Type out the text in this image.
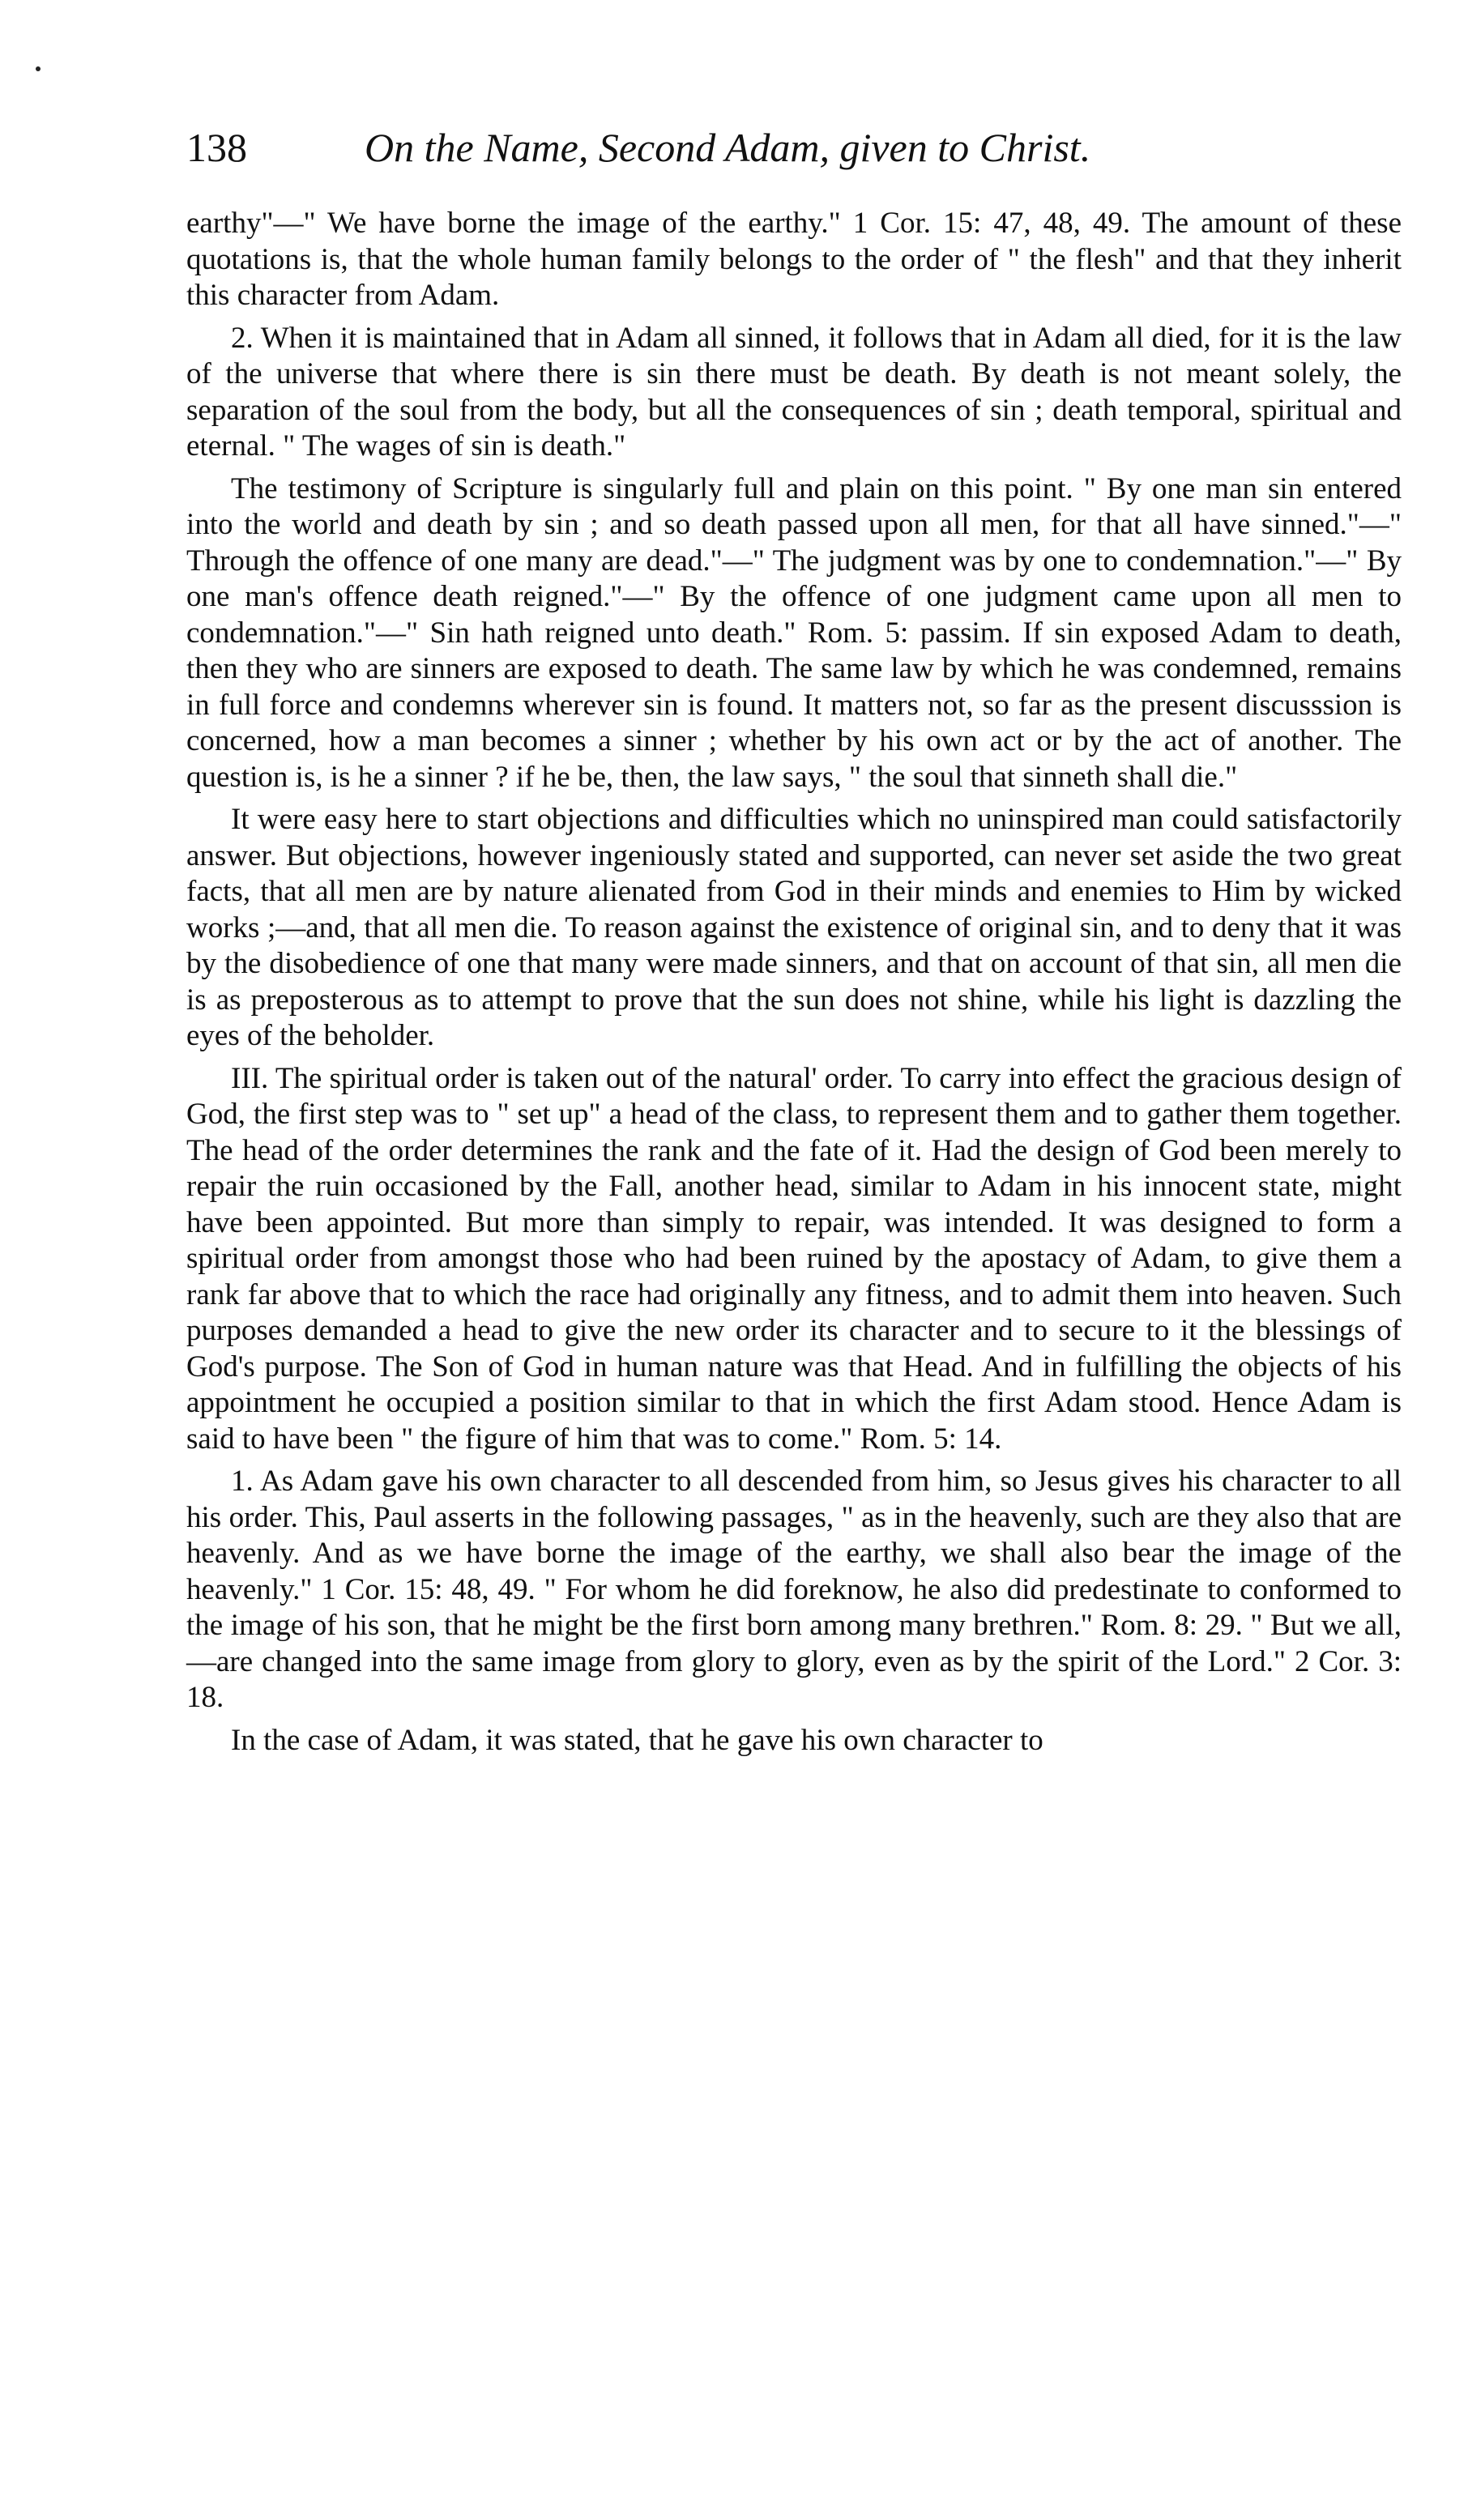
138	On the Name, Second Adam, given to Christ.

earthy"—" We have borne the image of the earthy." 1 Cor. 15: 47, 48, 49. The amount of these quotations is, that the whole human family belongs to the order of " the flesh" and that they inherit this character from Adam.

2. When it is maintained that in Adam all sinned, it follows that in Adam all died, for it is the law of the universe that where there is sin there must be death. By death is not meant solely, the separation of the soul from the body, but all the consequences of sin ; death temporal, spiritual and eternal. " The wages of sin is death."

The testimony of Scripture is singularly full and plain on this point. " By one man sin entered into the world and death by sin ; and so death passed upon all men, for that all have sinned."—" Through the offence of one many are dead."—" The judgment was by one to condemnation."—" By one man's offence death reigned."—" By the offence of one judgment came upon all men to condemnation."—" Sin hath reigned unto death." Rom. 5: passim. If sin exposed Adam to death, then they who are sinners are exposed to death. The same law by which he was condemned, remains in full force and condemns wherever sin is found. It matters not, so far as the present discusssion is concerned, how a man becomes a sinner ; whether by his own act or by the act of another. The question is, is he a sinner ? if he be, then, the law says, " the soul that sinneth shall die."

It were easy here to start objections and difficulties which no uninspired man could satisfactorily answer. But objections, however ingeniously stated and supported, can never set aside the two great facts, that all men are by nature alienated from God in their minds and enemies to Him by wicked works ;—and, that all men die. To reason against the existence of original sin, and to deny that it was by the disobedience of one that many were made sinners, and that on account of that sin, all men die is as preposterous as to attempt to prove that the sun does not shine, while his light is dazzling the eyes of the beholder.

III. The spiritual order is taken out of the natural' order. To carry into effect the gracious design of God, the first step was to " set up" a head of the class, to represent them and to gather them together. The head of the order determines the rank and the fate of it. Had the design of God been merely to repair the ruin occasioned by the Fall, another head, similar to Adam in his innocent state, might have been appointed. But more than simply to repair, was intended. It was designed to form a spiritual order from amongst those who had been ruined by the apostacy of Adam, to give them a rank far above that to which the race had originally any fitness, and to admit them into heaven. Such purposes demanded a head to give the new order its character and to secure to it the blessings of God's purpose. The Son of God in human nature was that Head. And in fulfilling the objects of his appointment he occupied a position similar to that in which the first Adam stood. Hence Adam is said to have been " the figure of him that was to come." Rom. 5: 14.

1. As Adam gave his own character to all descended from him, so Jesus gives his character to all his order. This, Paul asserts in the following passages, " as in the heavenly, such are they also that are heavenly. And as we have borne the image of the earthy, we shall also bear the image of the heavenly." 1 Cor. 15: 48, 49. " For whom he did foreknow, he also did predestinate to conformed to the image of his son, that he might be the first born among many brethren." Rom. 8: 29. " But we all,—are changed into the same image from glory to glory, even as by the spirit of the Lord." 2 Cor. 3: 18.

In the case of Adam, it was stated, that he gave his own character to
